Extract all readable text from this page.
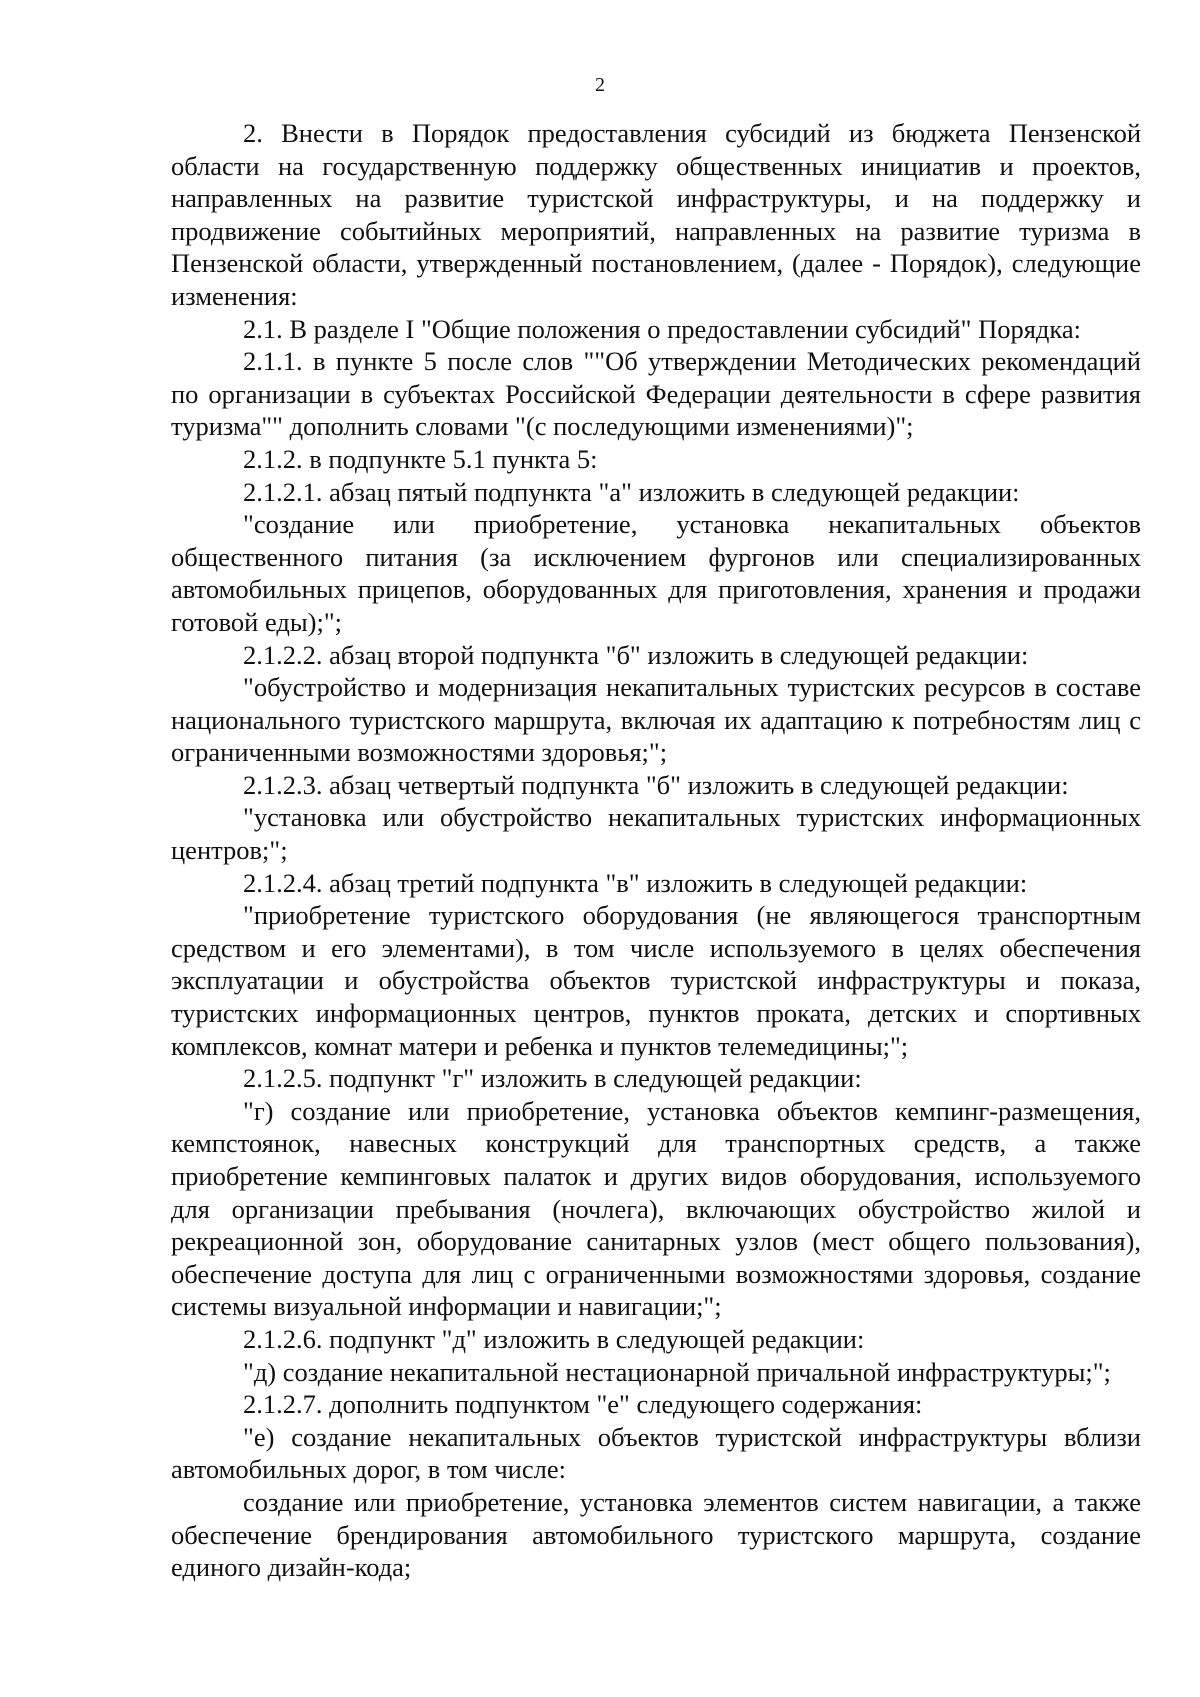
2

2. Внести в Порядок предоставления субсидий из бюджета Пензенской области на государственную поддержку общественных инициатив и проектов, направленных на развитие туристской инфраструктуры, и на поддержку и продвижение событийных мероприятий, направленных на развитие туризма в Пензенской области, утвержденный постановлением, (далее - Порядок), следующие изменения:

2.1. В разделе I "Общие положения о предоставлении субсидий" Порядка:

2.1.1. в пункте 5 после слов ""Об утверждении Методических рекомендаций по организации в субъектах Российской Федерации деятельности в сфере развития туризма"" дополнить словами "(с последующими изменениями)";

2.1.2. в подпункте 5.1 пункта 5:

2.1.2.1. абзац пятый подпункта "а" изложить в следующей редакции:

"создание или приобретение, установка некапитальных объектов общественного питания (за исключением фургонов или специализированных автомобильных прицепов, оборудованных для приготовления, хранения и продажи готовой еды);";

2.1.2.2. абзац второй подпункта "б" изложить в следующей редакции:

"обустройство и модернизация некапитальных туристских ресурсов в составе национального туристского маршрута, включая их адаптацию к потребностям лиц с ограниченными возможностями здоровья;";

2.1.2.3. абзац четвертый подпункта "б" изложить в следующей редакции:

"установка или обустройство некапитальных туристских информационных центров;";

2.1.2.4. абзац третий подпункта "в" изложить в следующей редакции:

"приобретение туристского оборудования (не являющегося транспортным средством и его элементами), в том числе используемого в целях обеспечения эксплуатации и обустройства объектов туристской инфраструктуры и показа, туристских информационных центров, пунктов проката, детских и спортивных комплексов, комнат матери и ребенка и пунктов телемедицины;";

2.1.2.5. подпункт "г" изложить в следующей редакции:

"г) создание или приобретение, установка объектов кемпинг-размещения, кемпстоянок, навесных конструкций для транспортных средств, а также приобретение кемпинговых палаток и других видов оборудования, используемого для организации пребывания (ночлега), включающих обустройство жилой и рекреационной зон, оборудование санитарных узлов (мест общего пользования), обеспечение доступа для лиц с ограниченными возможностями здоровья, создание системы визуальной информации и навигации;";

2.1.2.6. подпункт "д" изложить в следующей редакции:

"д) создание некапитальной нестационарной причальной инфраструктуры;";

2.1.2.7. дополнить подпунктом "е" следующего содержания:

"е) создание некапитальных объектов туристской инфраструктуры вблизи автомобильных дорог, в том числе:

создание или приобретение, установка элементов систем навигации, а также обеспечение брендирования автомобильного туристского маршрута, создание единого дизайн-кода;
